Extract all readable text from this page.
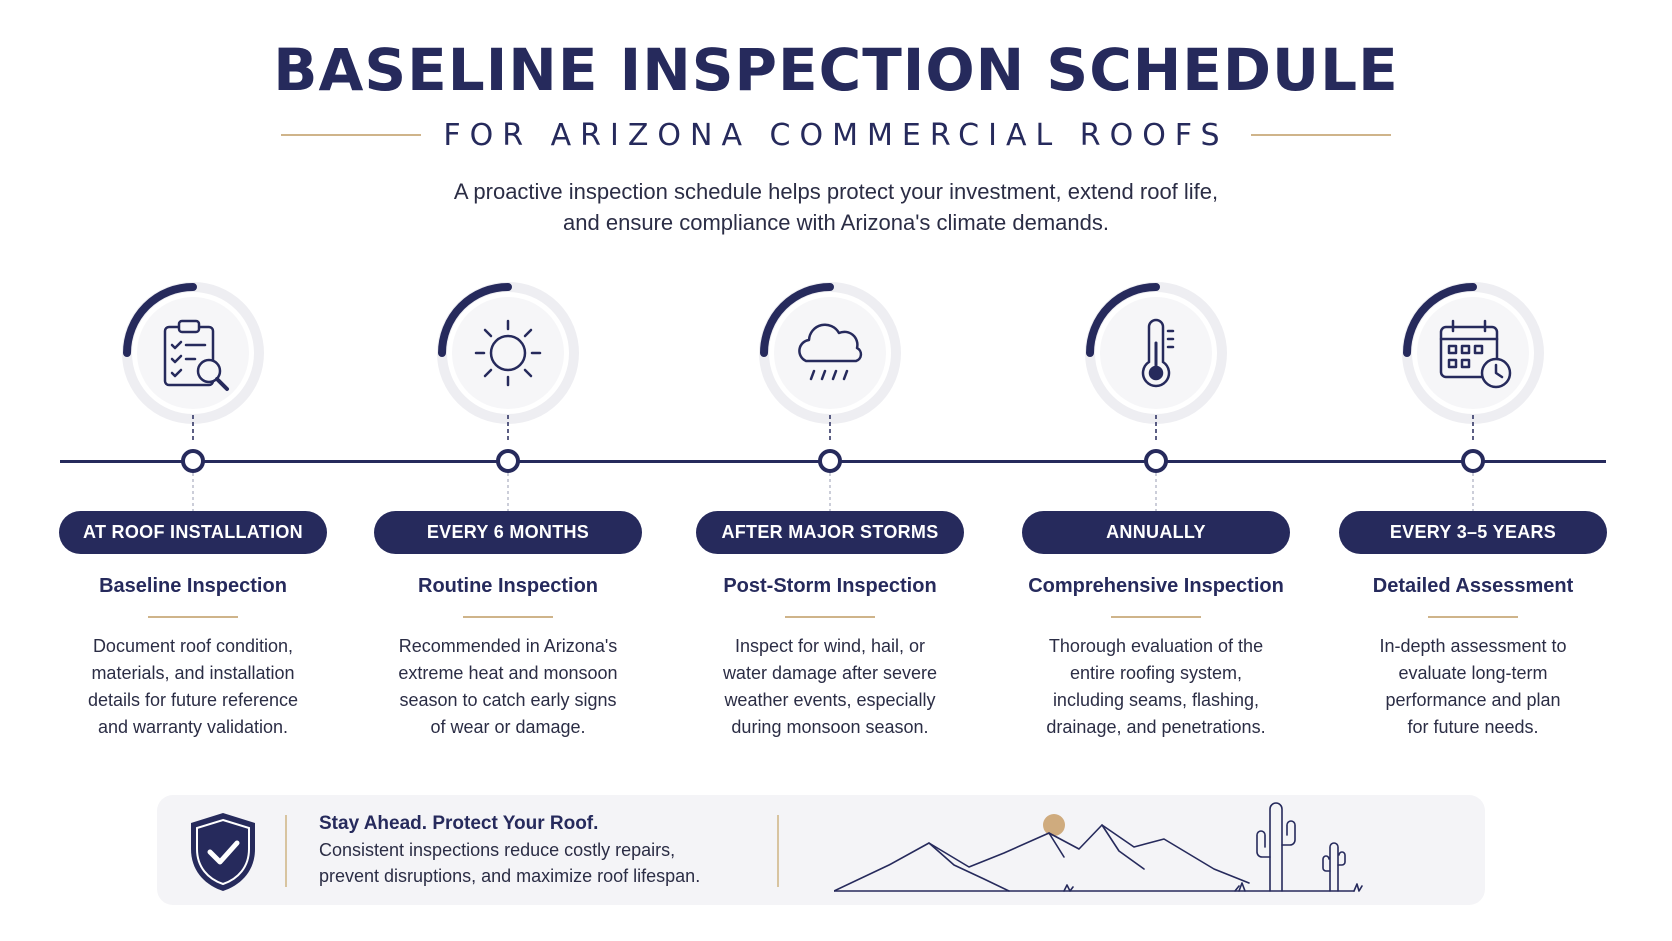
BASELINE INSPECTION SCHEDULE
FOR ARIZONA COMMERCIAL ROOFS
A proactive inspection schedule helps protect your investment, extend roof life,
and ensure compliance with Arizona's climate demands.
AT ROOF INSTALLATION
Baseline Inspection
Document roof condition,
materials, and installation
details for future reference
and warranty validation.
EVERY 6 MONTHS
Routine Inspection
Recommended in Arizona's
extreme heat and monsoon
season to catch early signs
of wear or damage.
AFTER MAJOR STORMS
Post-Storm Inspection
Inspect for wind, hail, or
water damage after severe
weather events, especially
during monsoon season.
ANNUALLY
Comprehensive Inspection
Thorough evaluation of the
entire roofing system,
including seams, flashing,
drainage, and penetrations.
EVERY 3–5 YEARS
Detailed Assessment
In-depth assessment to
evaluate long-term
performance and plan
for future needs.
Stay Ahead. Protect Your Roof.
Consistent inspections reduce costly repairs,
prevent disruptions, and maximize roof lifespan.
